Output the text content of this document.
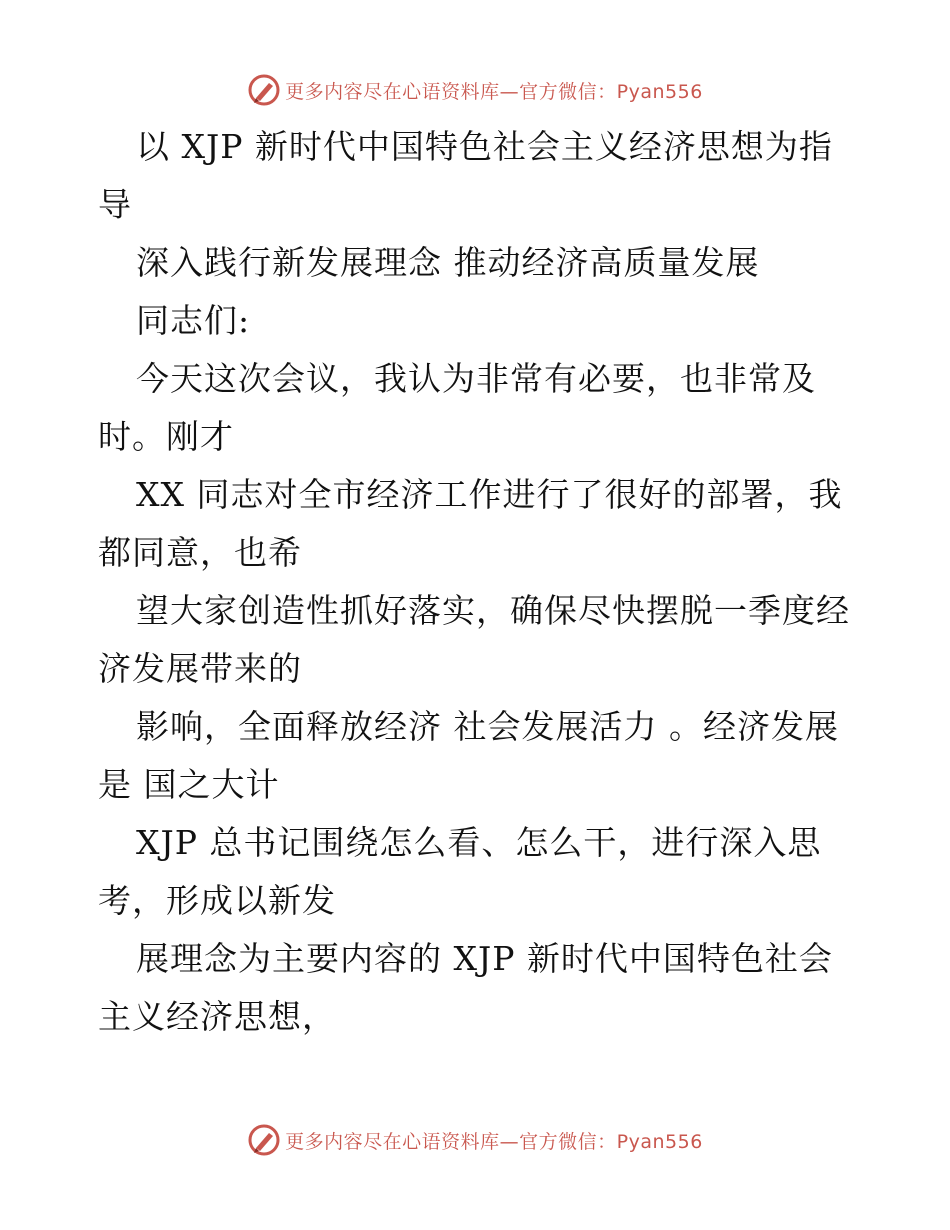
更多内容尽在心语资料库—官方微信：Pyan556

以 XJP 新时代中国特色社会主义经济思想为指导

深入践行新发展理念 推动经济高质量发展

同志们:

今天这次会议，我认为非常有必要，也非常及时。刚才

XX 同志对全市经济工作进行了很好的部署，我都同意，也希

望大家创造性抓好落实，确保尽快摆脱一季度经济发展带来的

影响，全面释放经济 社会发展活力 。经济发展是 国之大计

XJP 总书记围绕怎么看、怎么干，进行深入思考，形成以新发

展理念为主要内容的 XJP 新时代中国特色社会主义经济思想，

更多内容尽在心语资料库—官方微信：Pyan556
